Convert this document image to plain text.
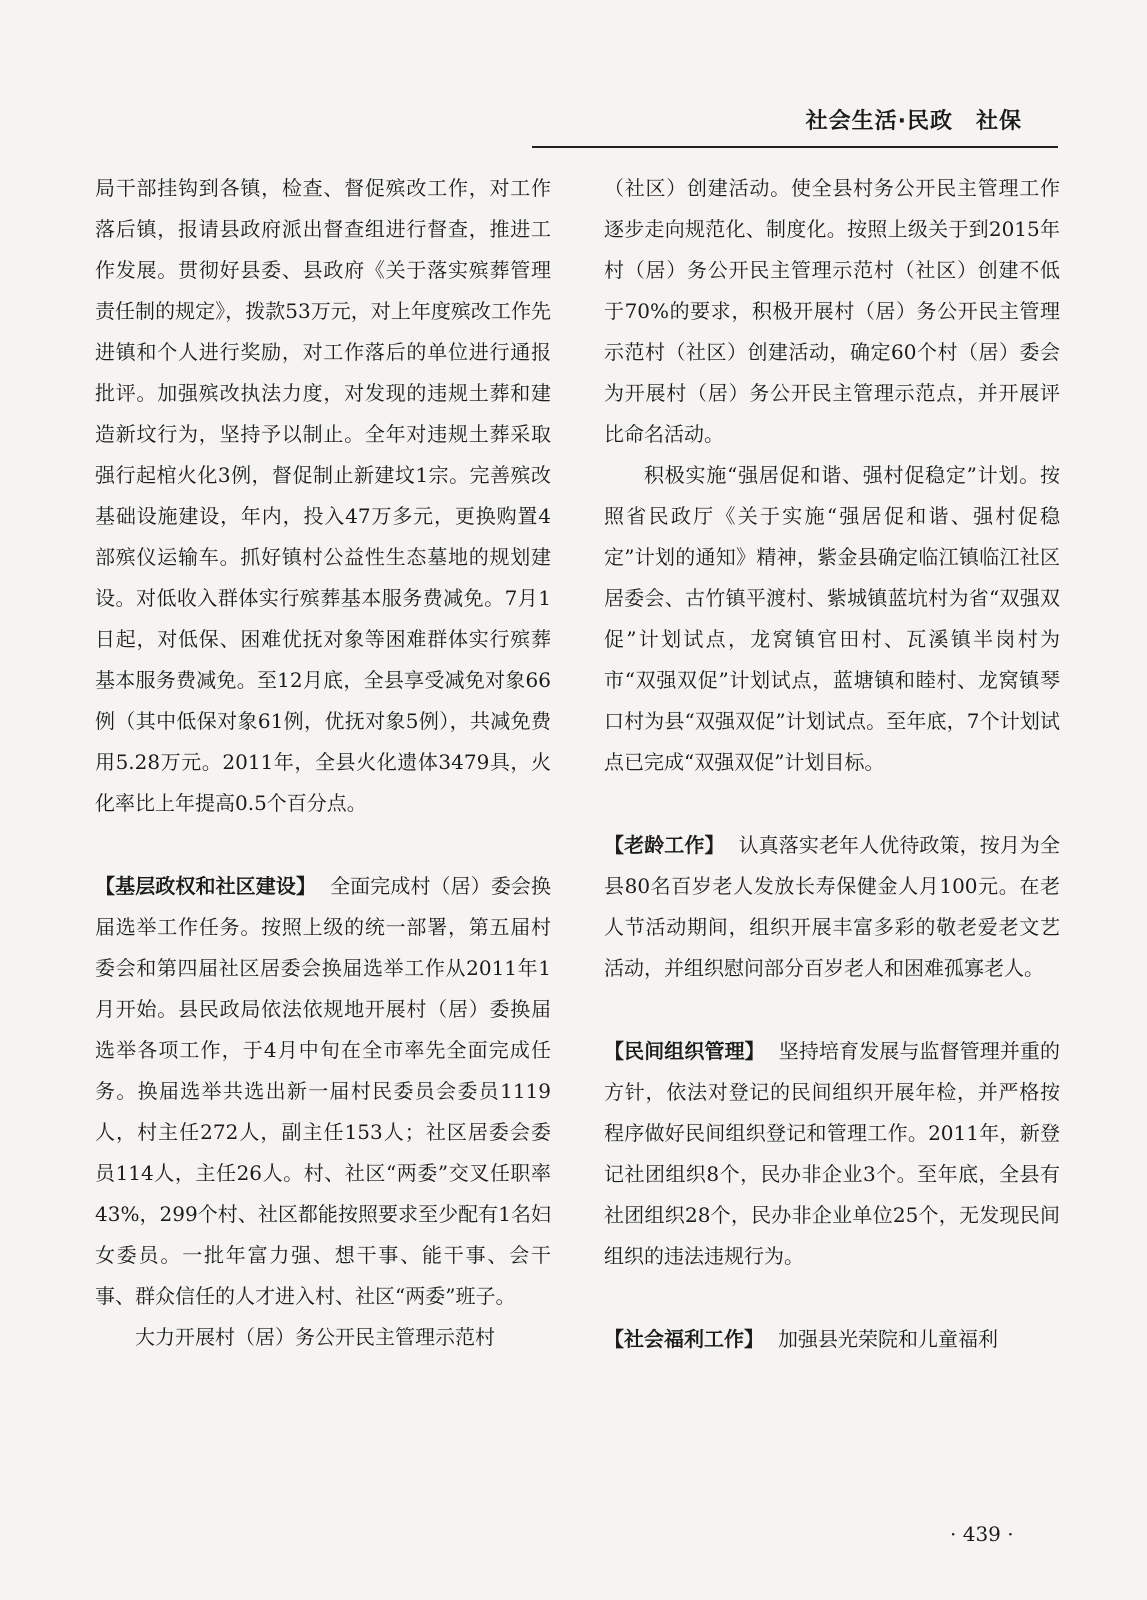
社会生活·民政　社保

局干部挂钩到各镇，检查、督促殡改工作，对工作落后镇，报请县政府派出督查组进行督查，推进工作发展。贯彻好县委、县政府《关于落实殡葬管理责任制的规定》，拨款53万元，对上年度殡改工作先进镇和个人进行奖励，对工作落后的单位进行通报批评。加强殡改执法力度，对发现的违规土葬和建造新坟行为，坚持予以制止。全年对违规土葬采取强行起棺火化3例，督促制止新建坟1宗。完善殡改基础设施建设，年内，投入47万多元，更换购置4部殡仪运输车。抓好镇村公益性生态墓地的规划建设。对低收入群体实行殡葬基本服务费减免。7月1日起，对低保、困难优抚对象等困难群体实行殡葬基本服务费减免。至12月底，全县享受减免对象66例（其中低保对象61例，优抚对象5例），共减免费用5.28万元。2011年，全县火化遗体3479具，火化率比上年提高0.5个百分点。

【基层政权和社区建设】 全面完成村（居）委会换届选举工作任务。按照上级的统一部署，第五届村委会和第四届社区居委会换届选举工作从2011年1月开始。县民政局依法依规地开展村（居）委换届选举各项工作，于4月中旬在全市率先全面完成任务。换届选举共选出新一届村民委员会委员1119人，村主任272人，副主任153人；社区居委会委员114人，主任26人。村、社区“两委”交叉任职率43%，299个村、社区都能按照要求至少配有1名妇女委员。一批年富力强、想干事、能干事、会干事、群众信任的人才进入村、社区“两委”班子。

大力开展村（居）务公开民主管理示范村

（社区）创建活动。使全县村务公开民主管理工作逐步走向规范化、制度化。按照上级关于到2015年村（居）务公开民主管理示范村（社区）创建不低于70%的要求，积极开展村（居）务公开民主管理示范村（社区）创建活动，确定60个村（居）委会为开展村（居）务公开民主管理示范点，并开展评比命名活动。

积极实施“强居促和谐、强村促稳定”计划。按照省民政厅《关于实施“强居促和谐、强村促稳定”计划的通知》精神，紫金县确定临江镇临江社区居委会、古竹镇平渡村、紫城镇蓝坑村为省“双强双促”计划试点，龙窝镇官田村、瓦溪镇半岗村为市“双强双促”计划试点，蓝塘镇和睦村、龙窝镇琴口村为县“双强双促”计划试点。至年底，7个计划试点已完成“双强双促”计划目标。

【老龄工作】 认真落实老年人优待政策，按月为全县80名百岁老人发放长寿保健金人月100元。在老人节活动期间，组织开展丰富多彩的敬老爱老文艺活动，并组织慰问部分百岁老人和困难孤寡老人。

【民间组织管理】 坚持培育发展与监督管理并重的方针，依法对登记的民间组织开展年检，并严格按程序做好民间组织登记和管理工作。2011年，新登记社团组织8个，民办非企业3个。至年底，全县有社团组织28个，民办非企业单位25个，无发现民间组织的违法违规行为。

【社会福利工作】 加强县光荣院和儿童福利

· 439 ·
